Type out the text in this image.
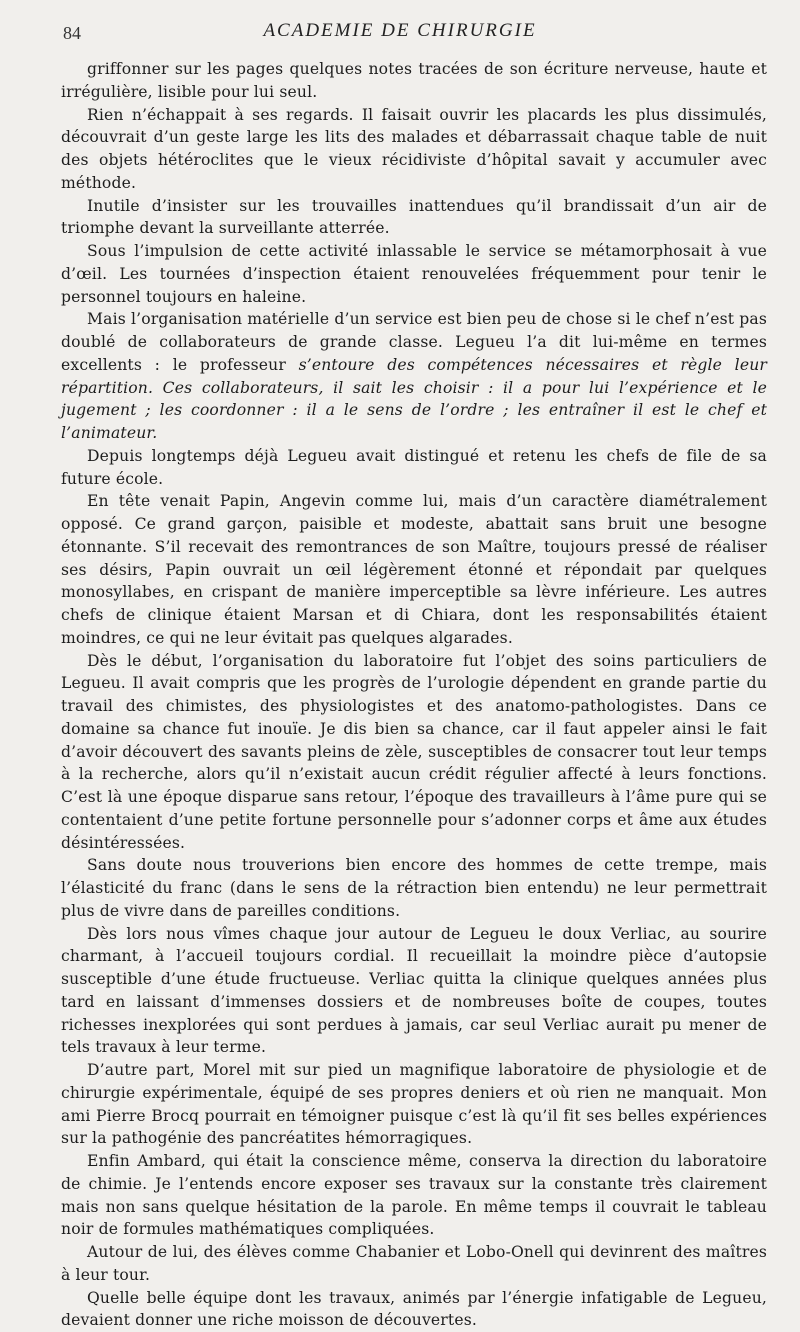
84	ACADEMIE DE CHIRURGIE

griffonner sur les pages quelques notes tracées de son écriture nerveuse, haute et irrégulière, lisible pour lui seul.

Rien n’échappait à ses regards. Il faisait ouvrir les placards les plus dissimulés, découvrait d’un geste large les lits des malades et débarrassait chaque table de nuit des objets hétéroclites que le vieux récidiviste d’hôpital savait y accumuler avec méthode.

Inutile d’insister sur les trouvailles inattendues qu’il brandissait d’un air de triomphe devant la surveillante atterrée.

Sous l’impulsion de cette activité inlassable le service se métamorphosait à vue d’œil. Les tournées d’inspection étaient renouvelées fréquemment pour tenir le personnel toujours en haleine.

Mais l’organisation matérielle d’un service est bien peu de chose si le chef n’est pas doublé de collaborateurs de grande classe. Legueu l’a dit lui-même en termes excellents : le professeur s’entoure des compétences nécessaires et règle leur répartition. Ces collaborateurs, il sait les choisir : il a pour lui l’expérience et le jugement ; les coordonner : il a le sens de l’ordre ; les entraîner il est le chef et l’animateur.

Depuis longtemps déjà Legueu avait distingué et retenu les chefs de file de sa future école.

En tête venait Papin, Angevin comme lui, mais d’un caractère diamétralement opposé. Ce grand garçon, paisible et modeste, abattait sans bruit une besogne étonnante. S’il recevait des remontrances de son Maître, toujours pressé de réaliser ses désirs, Papin ouvrait un œil légèrement étonné et répondait par quelques monosyllabes, en crispant de manière imperceptible sa lèvre inférieure. Les autres chefs de clinique étaient Marsan et di Chiara, dont les responsabilités étaient moindres, ce qui ne leur évitait pas quelques algarades.

Dès le début, l’organisation du laboratoire fut l’objet des soins particuliers de Legueu. Il avait compris que les progrès de l’urologie dépendent en grande partie du travail des chimistes, des physiologistes et des anatomo-pathologistes. Dans ce domaine sa chance fut inouïe. Je dis bien sa chance, car il faut appeler ainsi le fait d’avoir découvert des savants pleins de zèle, susceptibles de consacrer tout leur temps à la recherche, alors qu’il n’existait aucun crédit régulier affecté à leurs fonctions. C’est là une époque disparue sans retour, l’époque des travailleurs à l’âme pure qui se contentaient d’une petite fortune personnelle pour s’adonner corps et âme aux études désintéressées.

Sans doute nous trouverions bien encore des hommes de cette trempe, mais l’élasticité du franc (dans le sens de la rétraction bien entendu) ne leur permettrait plus de vivre dans de pareilles conditions.

Dès lors nous vîmes chaque jour autour de Legueu le doux Verliac, au sourire charmant, à l’accueil toujours cordial. Il recueillait la moindre pièce d’autopsie susceptible d’une étude fructueuse. Verliac quitta la clinique quelques années plus tard en laissant d’immenses dossiers et de nombreuses boîte de coupes, toutes richesses inexplorées qui sont perdues à jamais, car seul Verliac aurait pu mener de tels travaux à leur terme.

D’autre part, Morel mit sur pied un magnifique laboratoire de physiologie et de chirurgie expérimentale, équipé de ses propres deniers et où rien ne manquait. Mon ami Pierre Brocq pourrait en témoigner puisque c’est là qu’il fit ses belles expériences sur la pathogénie des pancréatites hémorragiques.

Enfin Ambard, qui était la conscience même, conserva la direction du laboratoire de chimie. Je l’entends encore exposer ses travaux sur la constante très clairement mais non sans quelque hésitation de la parole. En même temps il couvrait le tableau noir de formules mathématiques compliquées.

Autour de lui, des élèves comme Chabanier et Lobo-Onell qui devinrent des maîtres à leur tour.

Quelle belle équipe dont les travaux, animés par l’énergie infatigable de Legueu, devaient donner une riche moisson de découvertes.
